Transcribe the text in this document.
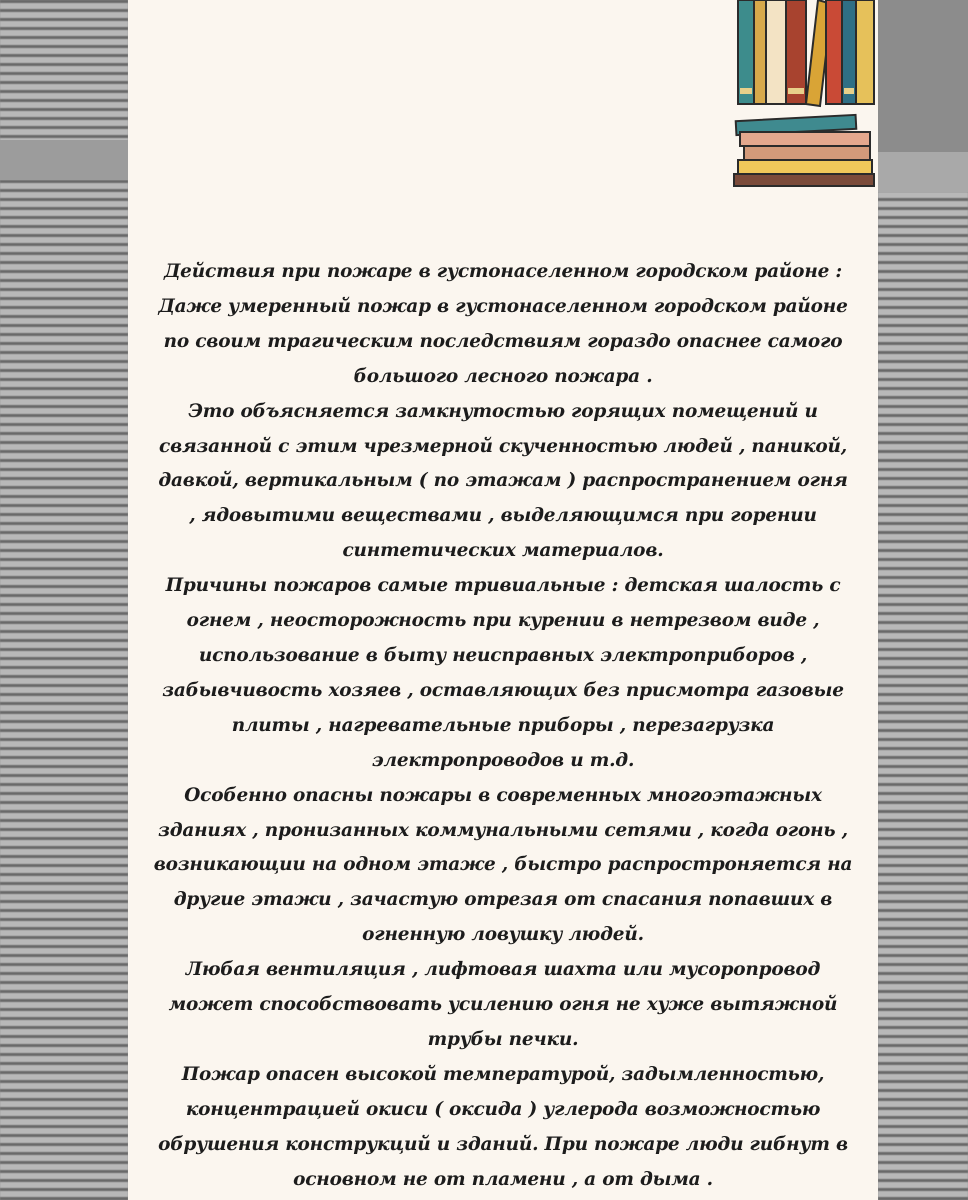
Действия при пожаре в густонаселенном городском районе :
Даже умеренный пожар в густонаселенном городском районе
по своим трагическим последствиям гораздо опаснее самого
большого лесного пожара .
Это объясняется замкнутостью горящих помещений и
связанной с этим чрезмерной скученностью людей , паникой,
давкой, вертикальным ( по этажам ) распространением огня
, ядовытими веществами , выделяющимся при горении
синтетических материалов.
Причины пожаров самые тривиальные : детская шалость с
огнем , неосторожность при курении в нетрезвом виде ,
использование в быту неисправных электроприборов ,
забывчивость хозяев , оставляющих без присмотра газовые
плиты , нагревательные приборы , перезагрузка
электропроводов и т.д.
Особенно опасны пожары в современных многоэтажных
зданиях , пронизанных коммунальными сетями , когда огонь ,
возникающии на одном этаже , быстро распростроняется на
другие этажи , зачастую отрезая от спасания попавших в
огненную ловушку людей.
Любая вентиляция , лифтовая шахта или мусоропровод
может способствовать усилению огня не хуже вытяжной
трубы печки.
Пожар опасен высокой температурой, задымленностью,
концентрацией окиси ( оксида ) углерода возможностью
обрушения конструкций и зданий. При пожаре люди гибнут в
основном не от пламени , а от дыма .
